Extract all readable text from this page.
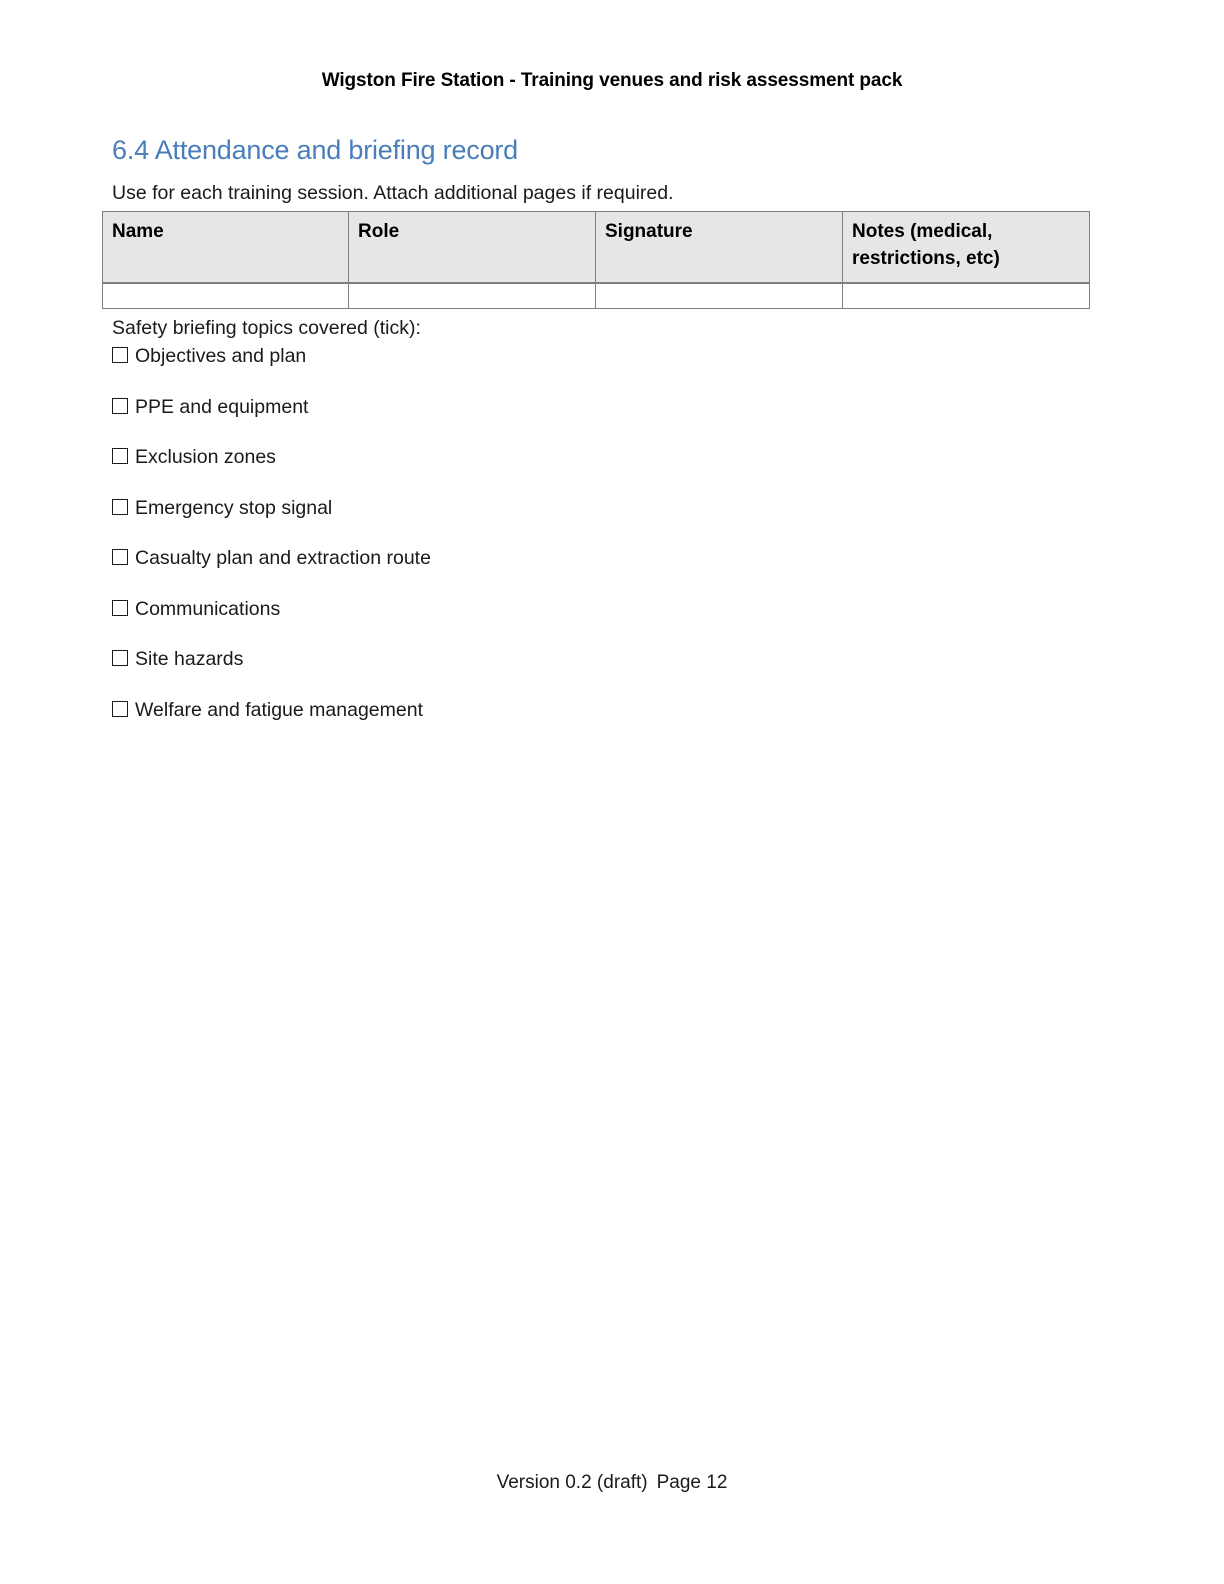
Wigston Fire Station - Training venues and risk assessment pack
6.4 Attendance and briefing record

Use for each training session. Attach additional pages if required.

Name	Role	Signature	Notes (medical, restrictions, etc)

Safety briefing topics covered (tick):

Objectives and plan
PPE and equipment
Exclusion zones
Emergency stop signal
Casualty plan and extraction route
Communications
Site hazards
Welfare and fatigue management
Version 0.2 (draft) Page 12
